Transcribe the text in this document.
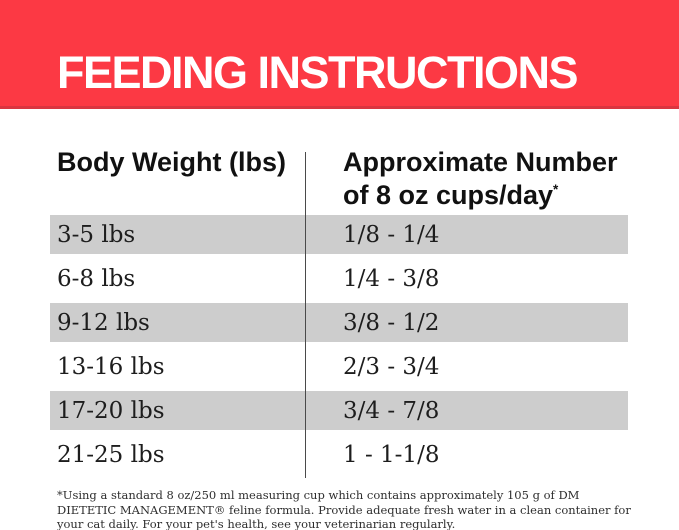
FEEDING INSTRUCTIONS
Body Weight (lbs)	Approximate Number
of 8 oz cups/day*
3-5 lbs	1/8 - 1/4
6-8 lbs	1/4 - 3/8
9-12 lbs	3/8 - 1/2
13-16 lbs	2/3 - 3/4
17-20 lbs	3/4 - 7/8
21-25 lbs	1 - 1-1/8

*Using a standard 8 oz/250 ml measuring cup which contains approximately 105 g of DM DIETETIC MANAGEMENT® feline formula. Provide adequate fresh water in a clean container for your cat daily. For your pet's health, see your veterinarian regularly.
